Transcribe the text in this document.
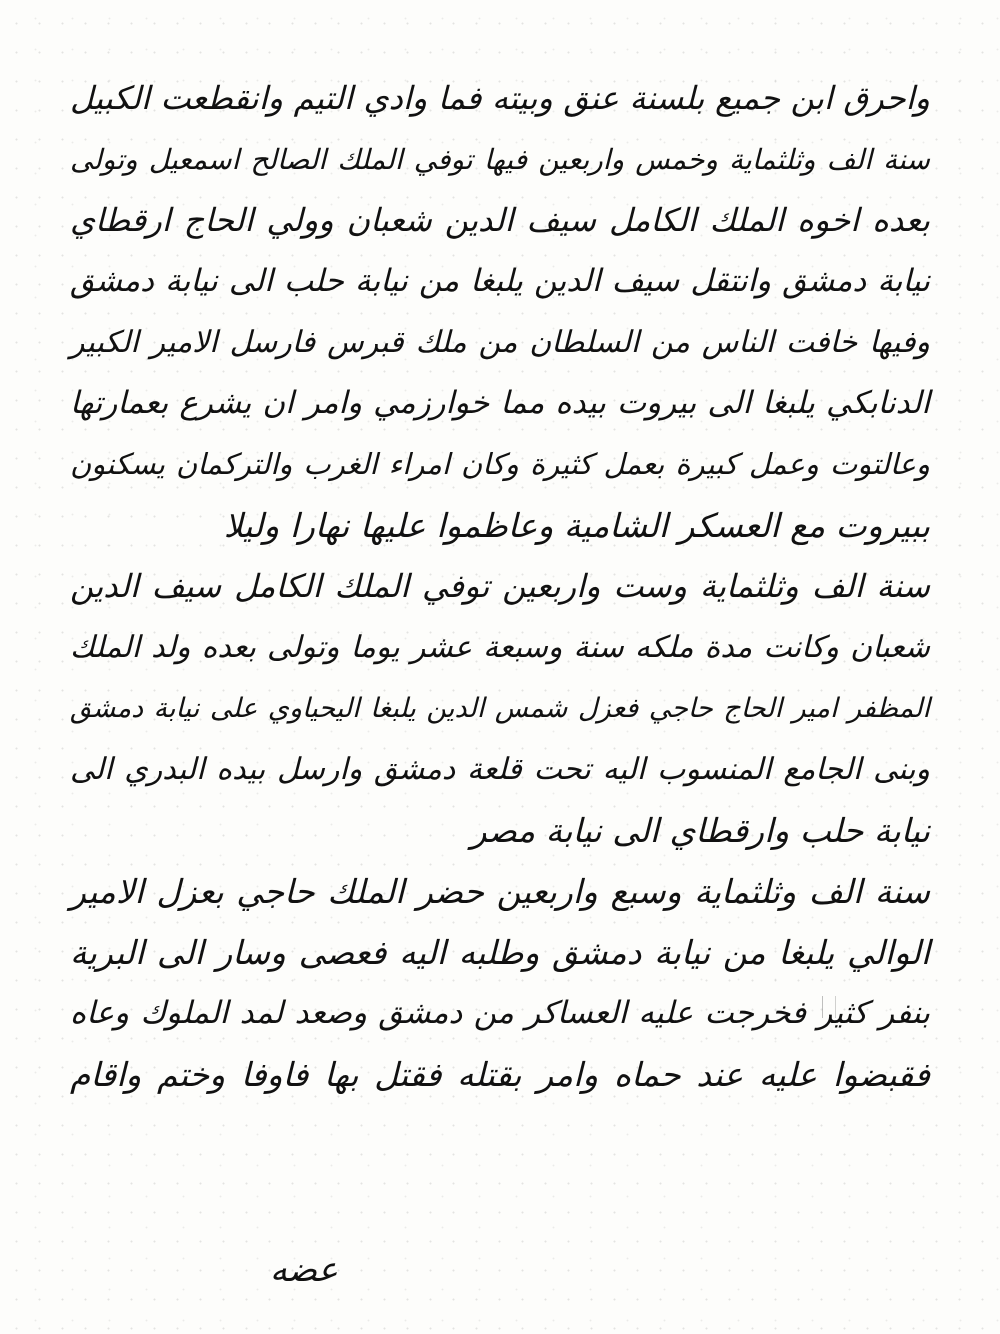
واحرق ابن جميع بلسنة عنق وبيته فما وادي التيم وانقطعت الكبيل
سنة الف وثلثماية وخمس واربعين فيها توفي الملك الصالح اسمعيل وتولى
بعده اخوه الملك الكامل سيف الدين شعبان وولي الحاج ارقطاي
نيابة دمشق وانتقل سيف الدين يلبغا من نيابة حلب الى نيابة دمشق
وفيها خافت الناس من السلطان من ملك قبرس فارسل الامير الكبير
الدنابكي يلبغا الى بيروت بيده مما خوارزمي وامر ان يشرع بعمارتها
وعالتوت وعمل كبيرة بعمل كثيرة وكان امراء الغرب والتركمان يسكنون
ببيروت مع العسكر الشامية وعاظموا عليها نهارا وليلا
سنة الف وثلثماية وست واربعين توفي الملك الكامل سيف الدين
شعبان وكانت مدة ملكه سنة وسبعة عشر يوما وتولى بعده ولد الملك
المظفر امير الحاج حاجي فعزل شمس الدين يلبغا اليحياوي على نيابة دمشق
وبنى الجامع المنسوب اليه تحت قلعة دمشق وارسل بيده البدري الى
نيابة حلب وارقطاي الى نيابة مصر
سنة الف وثلثماية وسبع واربعين حضر الملك حاجي بعزل الامير
الوالي يلبغا من نيابة دمشق وطلبه اليه فعصى وسار الى البرية
بنفر كثير فخرجت عليه العساكر من دمشق وصعد لمد الملوك وعاه
فقبضوا عليه عند حماه وامر بقتله فقتل بها فاوفا وختم واقام
عضه
